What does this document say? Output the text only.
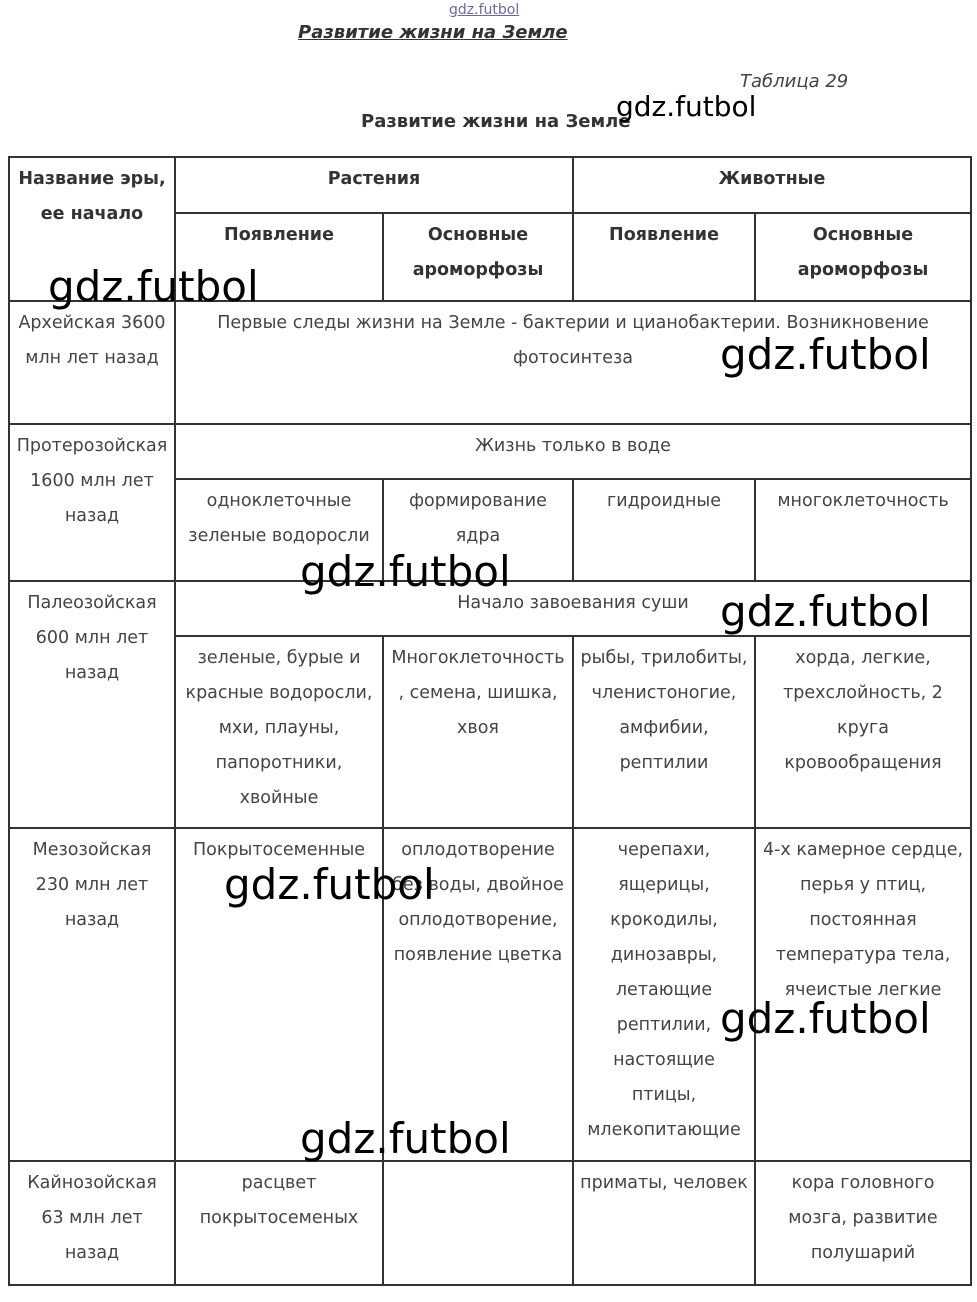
gdz.futbol
Развитие жизни на Земле
Таблица 29
Развитие жизни на Земле
Название эры, ее начало	Растения		Животные	
	Появление	Основные ароморфозы	Появление	Основные ароморфозы
Архейская 3600 млн лет назад	Первые следы жизни на Земле - бактерии и цианобактерии. Возникновение фотосинтеза			
Протерозойская 1600 млн лет назад	Жизнь только в воде			
	одноклеточные зеленые водоросли	формирование ядра	гидроидные	многоклеточность
Палеозойская 600 млн лет назад	Начало завоевания суши			
	зеленые, бурые и красные водоросли, мхи, плауны, папоротники, хвойные	Многоклеточность , семена, шишка, хвоя	рыбы, трилобиты, членистоногие, амфибии, рептилии	хорда, легкие, трехслойность, 2 круга кровообращения
Мезозойская 230 млн лет назад	Покрытосеменные	оплодотворение без воды, двойное оплодотворение, появление цветка	черепахи, ящерицы, крокодилы, динозавры, летающие рептилии, настоящие птицы, млекопитающие	4-х камерное сердце, перья у птиц, постоянная температура тела, ячеистые легкие
Кайнозойская 63 млн лет назад	расцвет покрытосемeных		приматы, человек	кора головного мозга, развитие полушарий
gdz.futbol
gdz.futbol
gdz.futbol
gdz.futbol
gdz.futbol
gdz.futbol
gdz.futbol
gdz.futbol
